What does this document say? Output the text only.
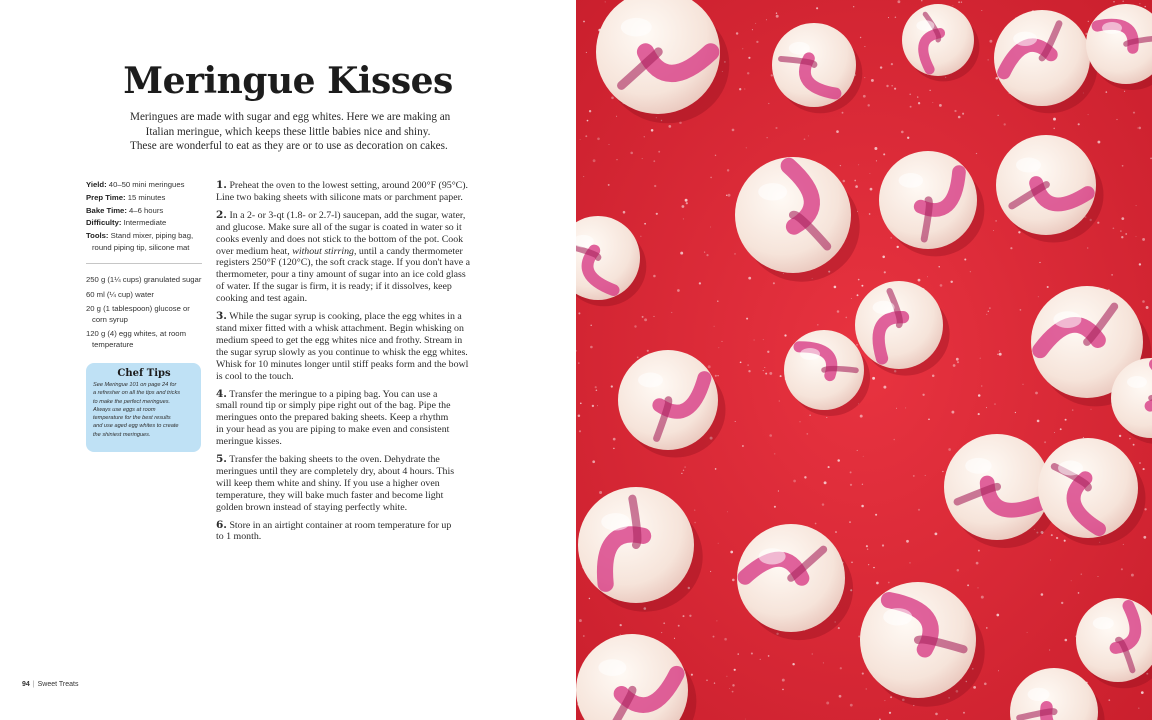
Meringue Kisses
Meringues are made with sugar and egg whites. Here we are making an
Italian meringue, which keeps these little babies nice and shiny.
These are wonderful to eat as they are or to use as decoration on cakes.
Yield: 40–50 mini meringues
Prep Time: 15 minutes
Bake Time: 4–6 hours
Difficulty: Intermediate
Tools: Stand mixer, piping bag,
round piping tip, silicone mat
250 g (1¼ cups) granulated sugar
60 ml (¼ cup) water
20 g (1 tablespoon) glucose or
corn syrup
120 g (4) egg whites, at room
temperature
Chef Tips
See Meringue 101 on page 24 for
a refresher on all the tips and tricks
to make the perfect meringues.
Always use eggs at room
temperature for the best results
and use aged egg whites to create
the shiniest meringues.
1. Preheat the oven to the lowest setting, around 200°F (95°C).
Line two baking sheets with silicone mats or parchment paper.
2. In a 2- or 3-qt (1.8- or 2.7-l) saucepan, add the sugar, water,
and glucose. Make sure all of the sugar is coated in water so it
cooks evenly and does not stick to the bottom of the pot. Cook
over medium heat, without stirring, until a candy thermometer
registers 250°F (120°C), the soft crack stage. If you don't have a
thermometer, pour a tiny amount of sugar into an ice cold glass
of water. If the sugar is firm, it is ready; if it dissolves, keep
cooking and test again.
3. While the sugar syrup is cooking, place the egg whites in a
stand mixer fitted with a whisk attachment. Begin whisking on
medium speed to get the egg whites nice and frothy. Stream in
the sugar syrup slowly as you continue to whisk the egg whites.
Whisk for 10 minutes longer until stiff peaks form and the bowl
is cool to the touch.
4. Transfer the meringue to a piping bag. You can use a
small round tip or simply pipe right out of the bag. Pipe the
meringues onto the prepared baking sheets. Keep a rhythm
in your head as you are piping to make even and consistent
meringue kisses.
5. Transfer the baking sheets to the oven. Dehydrate the
meringues until they are completely dry, about 4 hours. This
will keep them white and shiny. If you use a higher oven
temperature, they will bake much faster and become light
golden brown instead of staying perfectly white.
6. Store in an airtight container at room temperature for up
to 1 month.
94 | Sweet Treats
